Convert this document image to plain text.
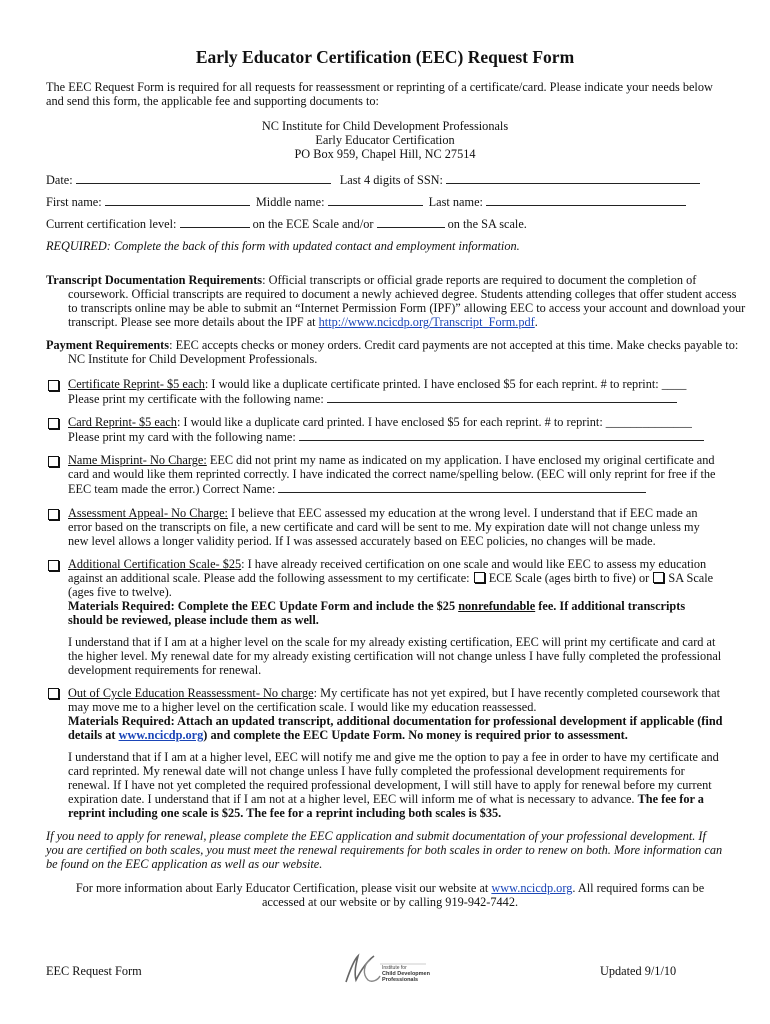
Early Educator Certification (EEC) Request Form
The EEC Request Form is required for all requests for reassessment or reprinting of a certificate/card. Please indicate your needs below and send this form, the applicable fee and supporting documents to:
NC Institute for Child Development Professionals
Early Educator Certification
PO Box 959, Chapel Hill, NC 27514
Date:	Last 4 digits of SSN:
First name:	Middle name:	Last name:
Current certification level:	on the ECE Scale and/or	on the SA scale.
REQUIRED: Complete the back of this form with updated contact and employment information.
Transcript Documentation Requirements: Official transcripts or official grade reports are required to document the completion of coursework. Official transcripts are required to document a newly achieved degree. Students attending colleges that offer student access to transcripts online may be able to submit an “Internet Permission Form (IPF)” allowing EEC to access your account and download your transcript. Please see more details about the IPF at http://www.ncicdp.org/Transcript_Form.pdf.
Payment Requirements: EEC accepts checks or money orders. Credit card payments are not accepted at this time. Make checks payable to: NC Institute for Child Development Professionals.
Certificate Reprint- $5 each: I would like a duplicate certificate printed. I have enclosed $5 for each reprint. # to reprint: ____
Please print my certificate with the following name:
Card Reprint- $5 each: I would like a duplicate card printed. I have enclosed $5 for each reprint. # to reprint: ______________
Please print my card with the following name:
Name Misprint- No Charge: EEC did not print my name as indicated on my application. I have enclosed my original certificate and card and would like them reprinted correctly. I have indicated the correct name/spelling below. (EEC will only reprint for free if the EEC team made the error.) Correct Name:
Assessment Appeal- No Charge: I believe that EEC assessed my education at the wrong level. I understand that if EEC made an error based on the transcripts on file, a new certificate and card will be sent to me. My expiration date will not change unless my new level allows a longer validity period. If I was assessed accurately based on EEC policies, no changes will be made.
Additional Certification Scale- $25: I have already received certification on one scale and would like EEC to assess my education against an additional scale. Please add the following assessment to my certificate:  ECE Scale (ages birth to five) or  SA Scale (ages five to twelve).
Materials Required: Complete the EEC Update Form and include the $25 nonrefundable fee. If additional transcripts should be reviewed, please include them as well.
I understand that if I am at a higher level on the scale for my already existing certification, EEC will print my certificate and card at the higher level. My renewal date for my already existing certification will not change unless I have fully completed the professional development requirements for renewal.
Out of Cycle Education Reassessment- No charge: My certificate has not yet expired, but I have recently completed coursework that may move me to a higher level on the certification scale. I would like my education reassessed.
Materials Required: Attach an updated transcript, additional documentation for professional development if applicable (find details at www.ncicdp.org) and complete the EEC Update Form. No money is required prior to assessment.
I understand that if I am at a higher level, EEC will notify me and give me the option to pay a fee in order to have my certificate and card reprinted. My renewal date will not change unless I have fully completed the professional development requirements for renewal. If I have not yet completed the required professional development, I will still have to apply for renewal before my current expiration date. I understand that if I am not at a higher level, EEC will inform me of what is necessary to advance. The fee for a reprint including one scale is $25. The fee for a reprint including both scales is $35.
If you need to apply for renewal, please complete the EEC application and submit documentation of your professional development. If you are certified on both scales, you must meet the renewal requirements for both scales in order to renew on both. More information can be found on the EEC application as well as our website.
For more information about Early Educator Certification, please visit our website at www.ncicdp.org. All required forms can be accessed at our website or by calling 919-942-7442.
EEC Request Form	Updated 9/1/10
Institute for
Child Development
Professionals
